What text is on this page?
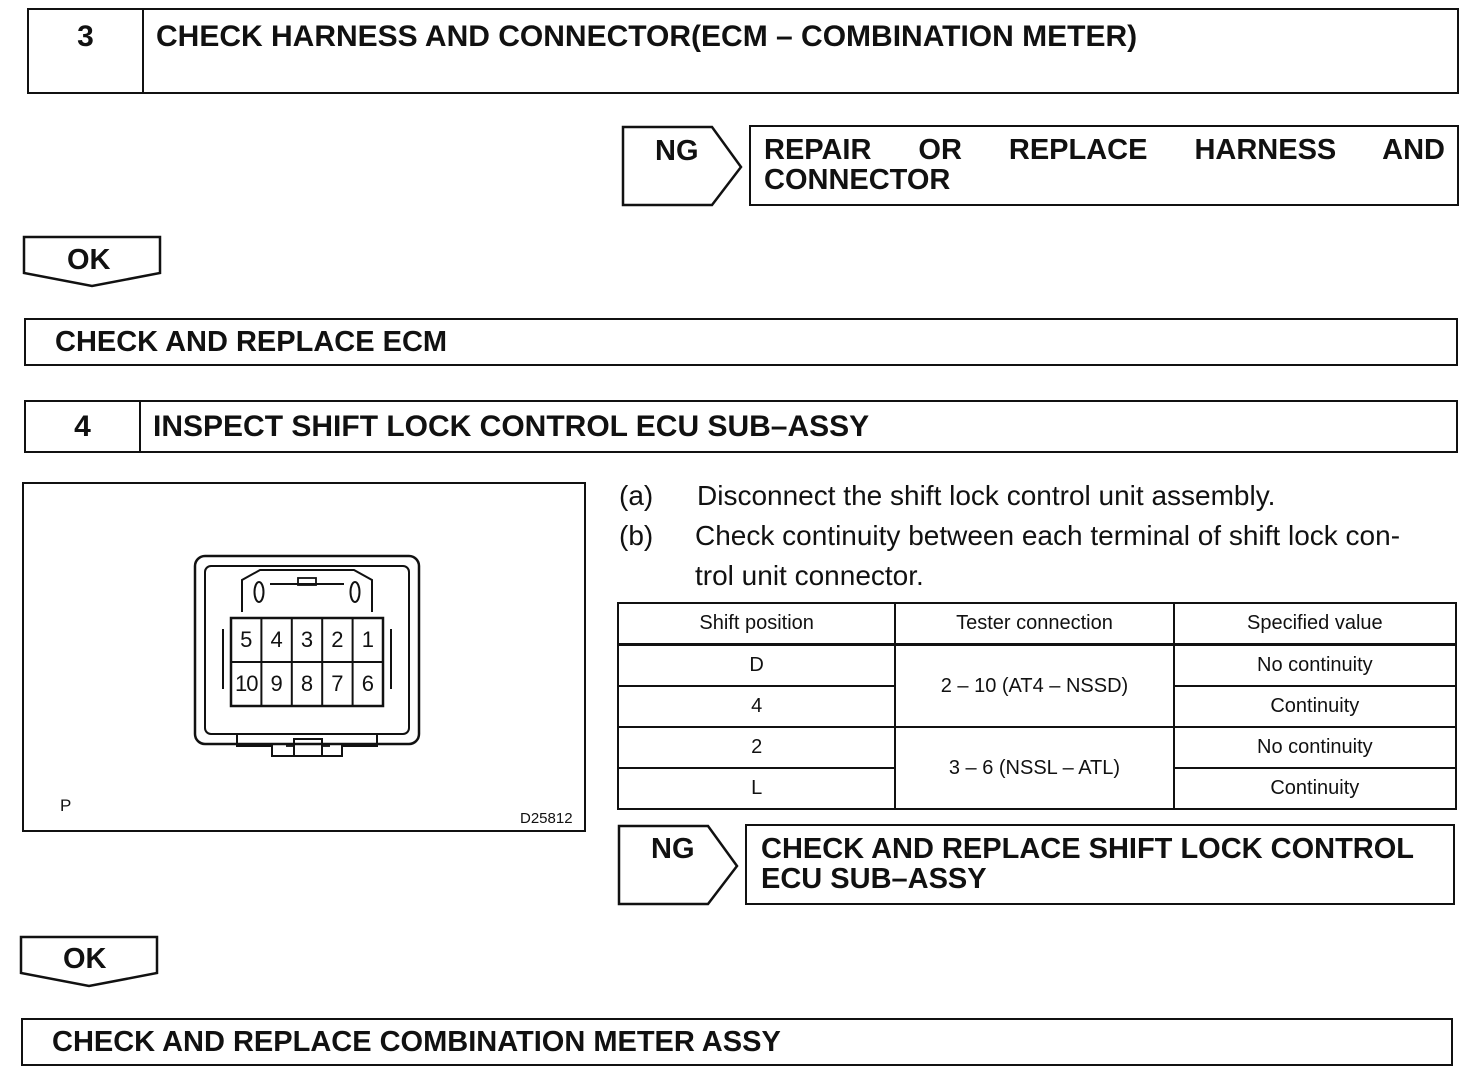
3	CHECK HARNESS AND CONNECTOR(ECM – COMBINATION METER)
NG REPAIR OR REPLACE HARNESS AND
CONNECTOR
OK
CHECK AND REPLACE ECM
4	INSPECT SHIFT LOCK CONTROL ECU SUB–ASSY
5 4 3 2 1
10 9 8 7 6
P
D25812
(a) Disconnect the shift lock control unit assembly.
(b) Check continuity between each terminal of shift lock con-
trol unit connector.
Shift position	Tester connection	Specified value
D	2 – 10 (AT4 – NSSD)	No continuity
4		Continuity
2	3 – 6 (NSSL – ATL)	No continuity
L		Continuity
NG CHECK AND REPLACE SHIFT LOCK CONTROL
ECU SUB–ASSY
OK
CHECK AND REPLACE COMBINATION METER ASSY
